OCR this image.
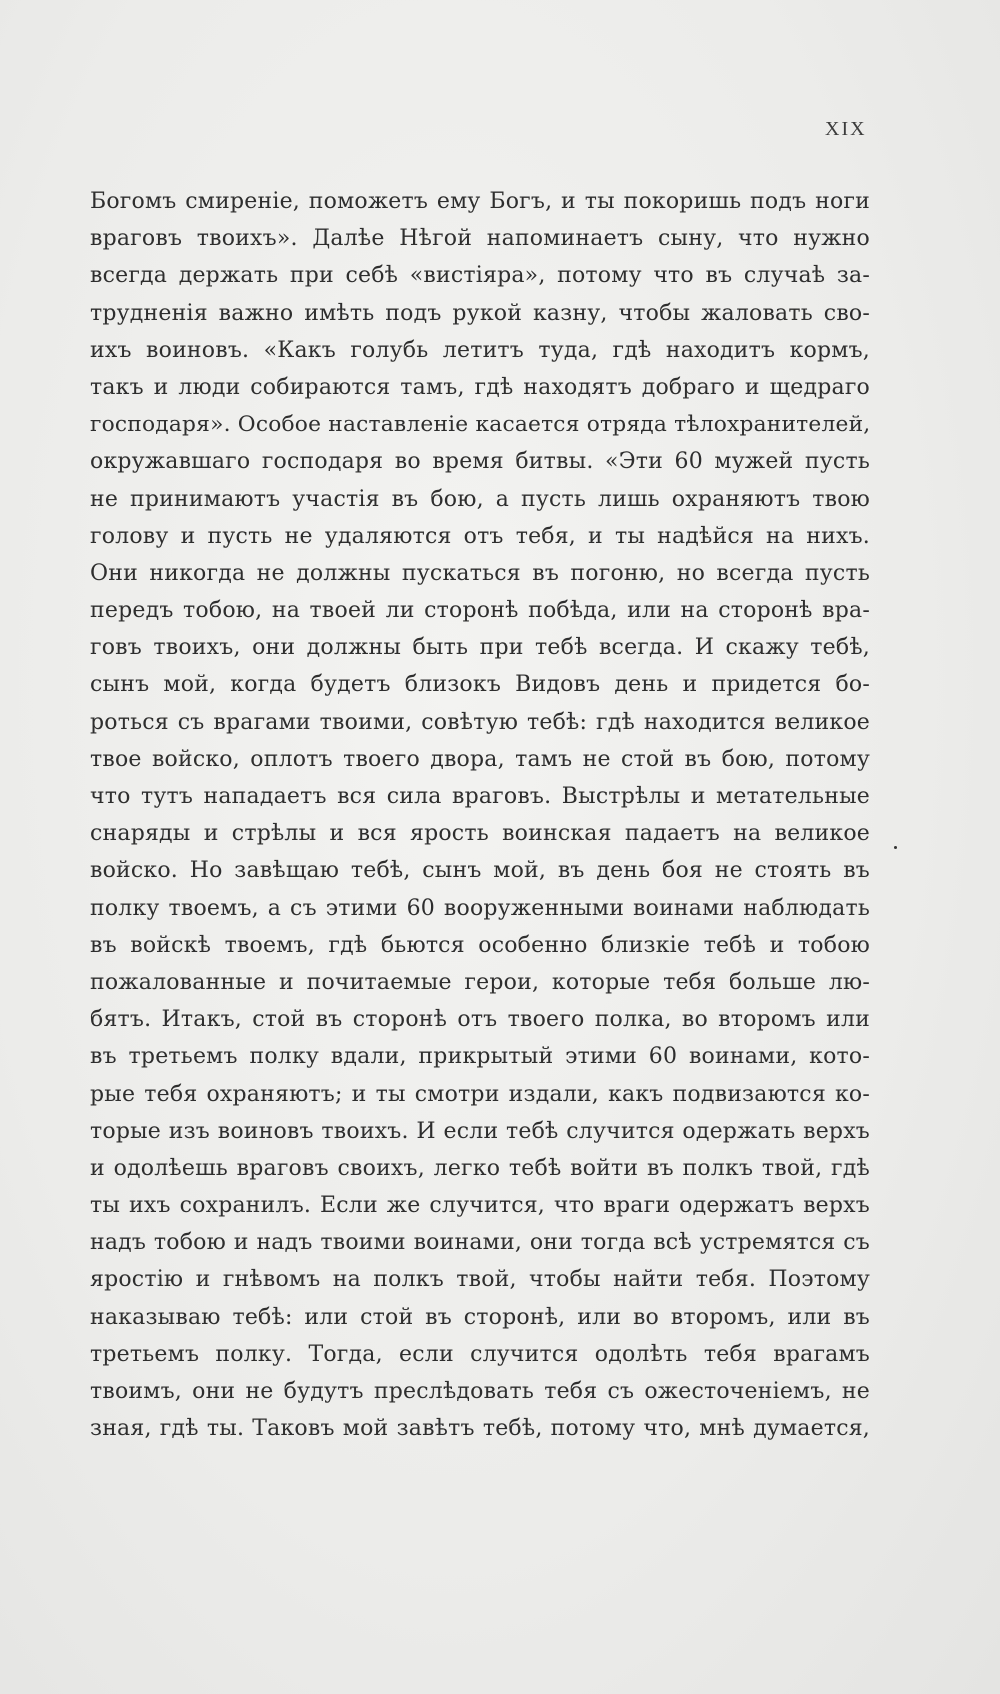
XIX
Богомъ смиренiе, поможетъ ему Богъ, и ты покоришь подъ ноги
враговъ твоихъ». Далѣе Нѣгой напоминаетъ сыну, что нужно
всегда держать при себѣ «вистiяра», потому что въ случаѣ за-
трудненiя важно имѣть подъ рукой казну, чтобы жаловать сво-
ихъ воиновъ. «Какъ голубь летитъ туда, гдѣ находитъ кормъ,
такъ и люди собираются тамъ, гдѣ находятъ добраго и щедраго
господаря». Особое наставленiе касается отряда тѣлохранителей,
окружавшаго господаря во время битвы. «Эти 60 мужей пусть
не принимаютъ участiя въ бою, а пусть лишь охраняютъ твою
голову и пусть не удаляются отъ тебя, и ты надѣйся на нихъ.
Они никогда не должны пускаться въ погоню, но всегда пусть
передъ тобою, на твоей ли сторонѣ побѣда, или на сторонѣ вра-
говъ твоихъ, они должны быть при тебѣ всегда. И скажу тебѣ,
сынъ мой, когда будетъ близокъ Видовъ день и придется бо-
роться съ врагами твоими, совѣтую тебѣ: гдѣ находится великое
твое войско, оплотъ твоего двора, тамъ не стой въ бою, потому
что тутъ нападаетъ вся сила враговъ. Выстрѣлы и метательные
снаряды и стрѣлы и вся ярость воинская падаетъ на великое
войско. Но завѣщаю тебѣ, сынъ мой, въ день боя не стоять въ
полку твоемъ, а съ этими 60 вооруженными воинами наблюдать
въ войскѣ твоемъ, гдѣ бьются особенно близкiе тебѣ и тобою
пожалованные и почитаемые герои, которые тебя больше лю-
бятъ. Итакъ, стой въ сторонѣ отъ твоего полка, во второмъ или
въ третьемъ полку вдали, прикрытый этими 60 воинами, кото-
рые тебя охраняютъ; и ты смотри издали, какъ подвизаются ко-
торые изъ воиновъ твоихъ. И если тебѣ случится одержать верхъ
и одолѣешь враговъ своихъ, легко тебѣ войти въ полкъ твой, гдѣ
ты ихъ сохранилъ. Если же случится, что враги одержатъ верхъ
надъ тобою и надъ твоими воинами, они тогда всѣ устремятся съ
яростiю и гнѣвомъ на полкъ твой, чтобы найти тебя. Поэтому
наказываю тебѣ: или стой въ сторонѣ, или во второмъ, или въ
третьемъ полку. Тогда, если случится одолѣть тебя врагамъ
твоимъ, они не будутъ преслѣдовать тебя съ ожесточенiемъ, не
зная, гдѣ ты. Таковъ мой завѣтъ тебѣ, потому что, мнѣ думается,
